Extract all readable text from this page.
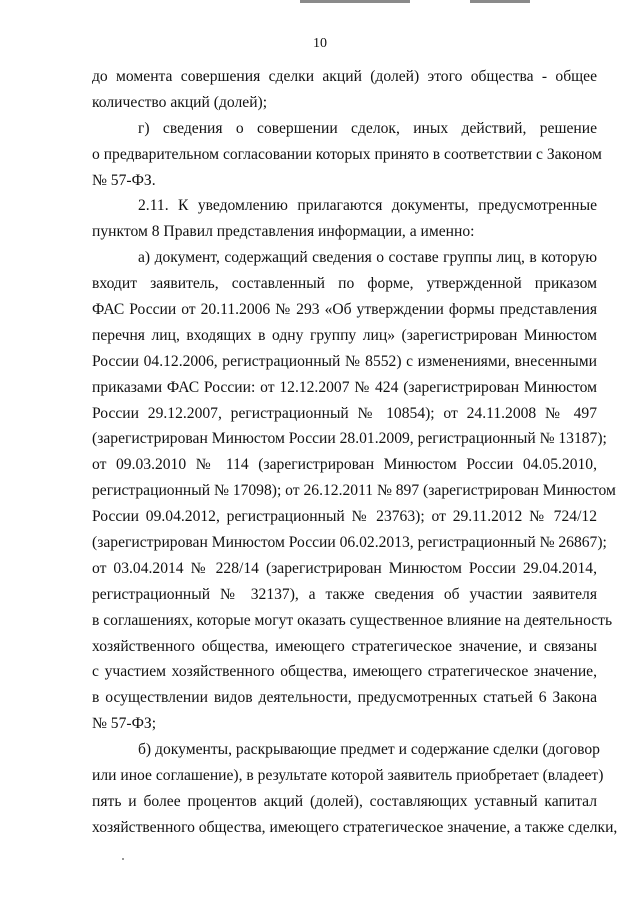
10
до момента совершения сделки акций (долей) этого общества - общее
количество акций (долей);
г) сведения о совершении сделок, иных действий, решение
о предварительном согласовании которых принято в соответствии с Законом
№ 57-ФЗ.
2.11. К уведомлению прилагаются документы, предусмотренные
пунктом 8 Правил представления информации, а именно:
а) документ, содержащий сведения о составе группы лиц, в которую
входит заявитель, составленный по форме, утвержденной приказом
ФАС России от 20.11.2006 № 293 «Об утверждении формы представления
перечня лиц, входящих в одну группу лиц» (зарегистрирован Минюстом
России 04.12.2006, регистрационный № 8552) с изменениями, внесенными
приказами ФАС России: от 12.12.2007 № 424 (зарегистрирован Минюстом
России 29.12.2007, регистрационный № 10854); от 24.11.2008 № 497
(зарегистрирован Минюстом России 28.01.2009, регистрационный № 13187);
от 09.03.2010 № 114 (зарегистрирован Минюстом России 04.05.2010,
регистрационный № 17098); от 26.12.2011 № 897 (зарегистрирован Минюстом
России 09.04.2012, регистрационный № 23763); от 29.11.2012 № 724/12
(зарегистрирован Минюстом России 06.02.2013, регистрационный № 26867);
от 03.04.2014 № 228/14 (зарегистрирован Минюстом России 29.04.2014,
регистрационный № 32137), а также сведения об участии заявителя
в соглашениях, которые могут оказать существенное влияние на деятельность
хозяйственного общества, имеющего стратегическое значение, и связаны
с участием хозяйственного общества, имеющего стратегическое значение,
в осуществлении видов деятельности, предусмотренных статьей 6 Закона
№ 57-ФЗ;
б) документы, раскрывающие предмет и содержание сделки (договор
или иное соглашение), в результате которой заявитель приобретает (владеет)
пять и более процентов акций (долей), составляющих уставный капитал
хозяйственного общества, имеющего стратегическое значение, а также сделки,
